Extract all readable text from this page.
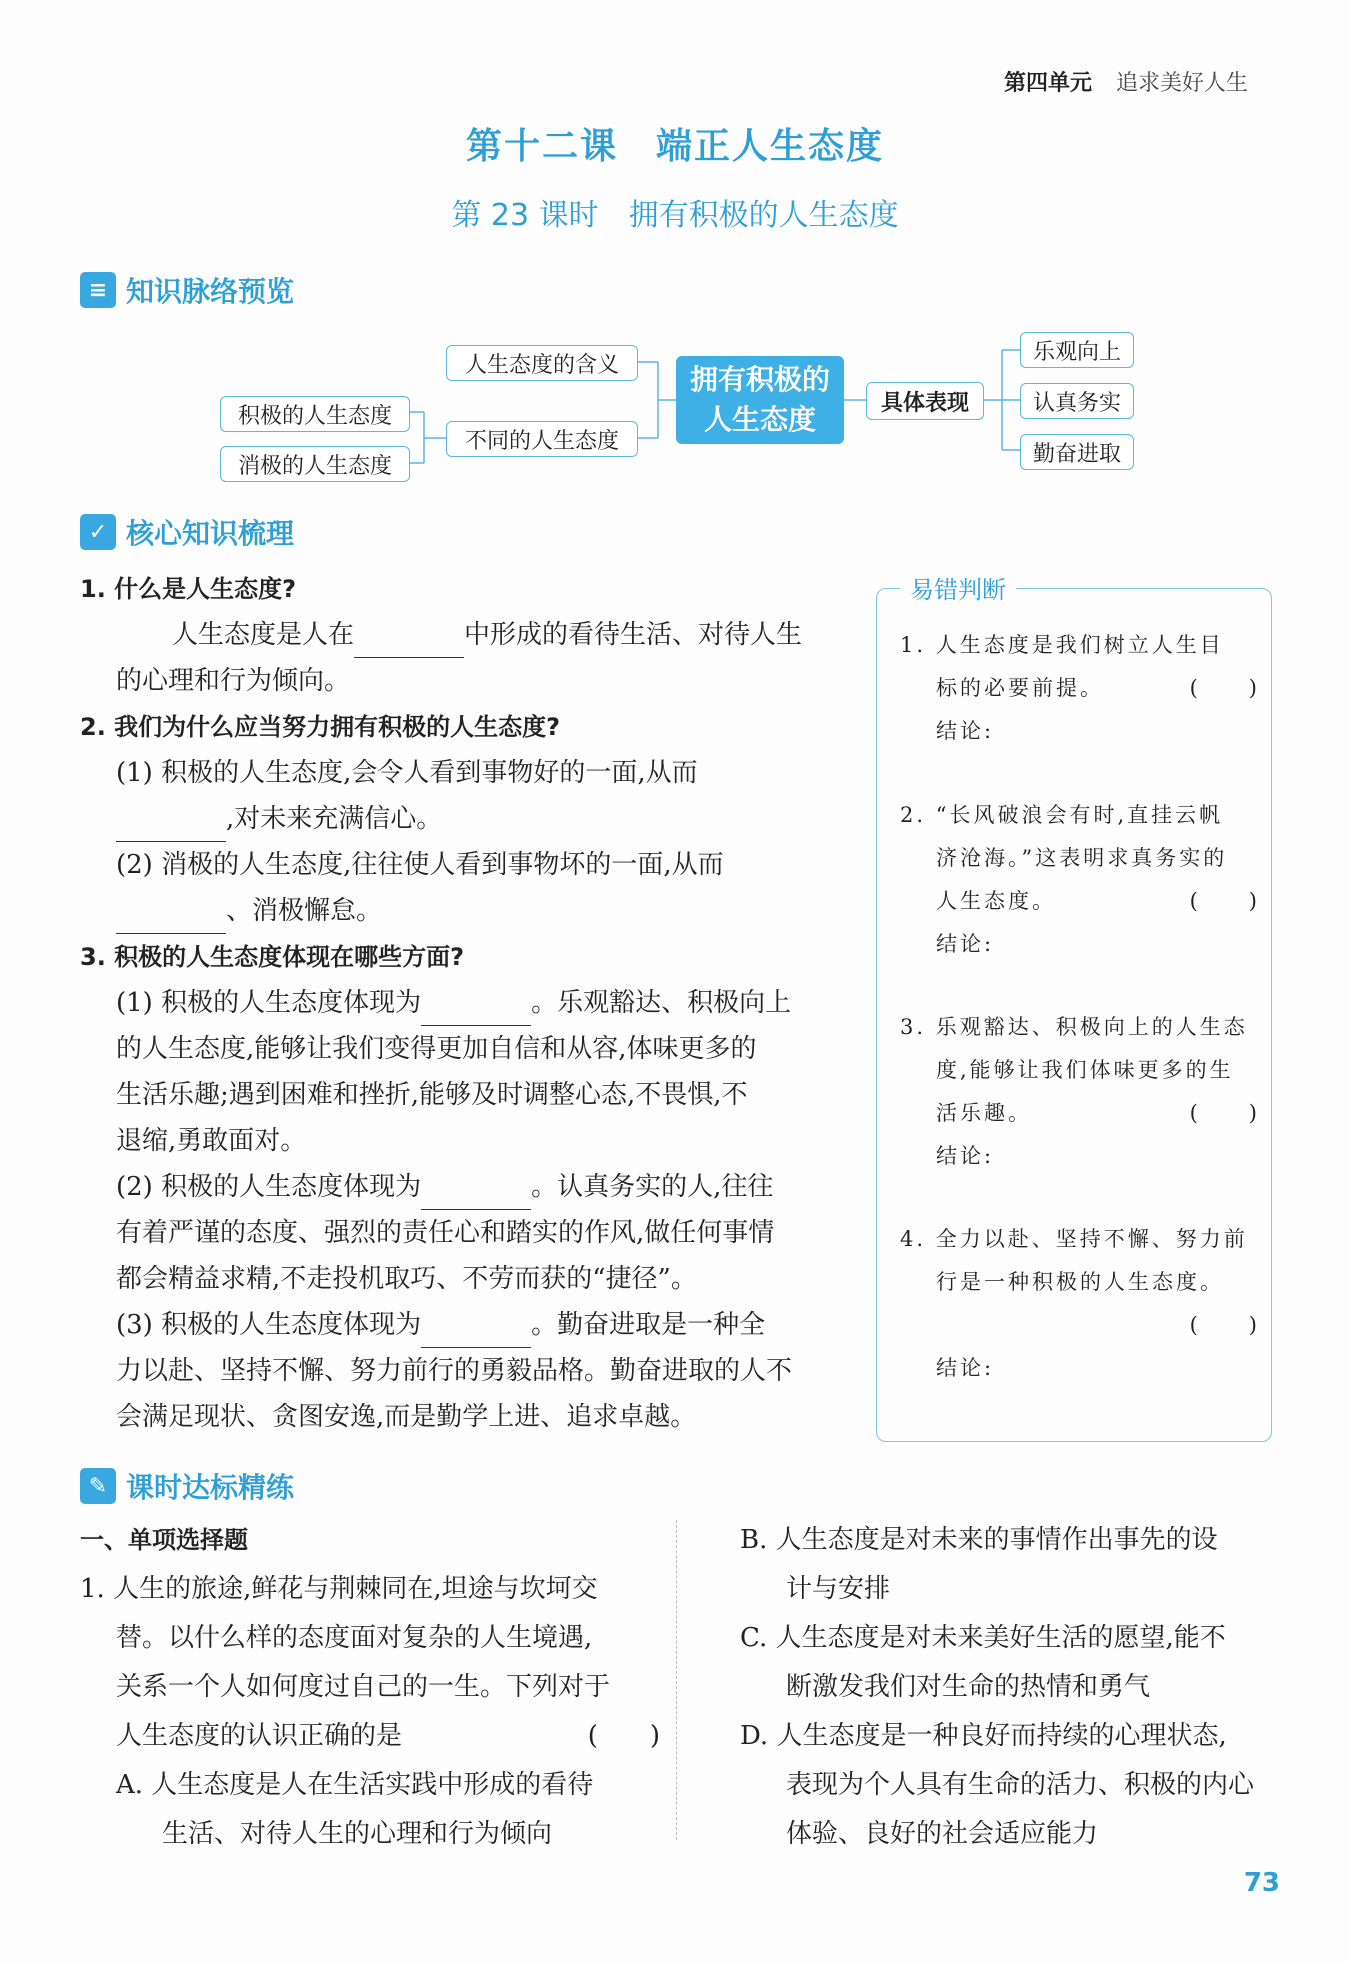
第四单元 追求美好人生
第十二课　端正人生态度
第 23 课时　拥有积极的人生态度
≡ 知识脉络预览
人生态度的含义
不同的人生态度
积极的人生态度
消极的人生态度
拥有积极的
人生态度	具体表现
乐观向上
认真务实
勤奋进取
✓ 核心知识梳理
1. 什么是人生态度?
人生态度是人在	中形成的看待生活、对待人生
的心理和行为倾向。
2. 我们为什么应当努力拥有积极的人生态度?
(1) 积极的人生态度,会令人看到事物好的一面,从而
,对未来充满信心。
(2) 消极的人生态度,往往使人看到事物坏的一面,从而
、消极懈怠。
3. 积极的人生态度体现在哪些方面?
(1) 积极的人生态度体现为	。乐观豁达、积极向上
的人生态度,能够让我们变得更加自信和从容,体味更多的
生活乐趣;遇到困难和挫折,能够及时调整心态,不畏惧,不
退缩,勇敢面对。
(2) 积极的人生态度体现为	。认真务实的人,往往
有着严谨的态度、强烈的责任心和踏实的作风,做任何事情
都会精益求精,不走投机取巧、不劳而获的“捷径”。
(3) 积极的人生态度体现为	。勤奋进取是一种全
力以赴、坚持不懈、努力前行的勇毅品格。勤奋进取的人不
会满足现状、贪图安逸,而是勤学上进、追求卓越。
易错判断
1. 人生态度是我们树立人生目
标的必要前提。	(　　)
结论:
2. “长风破浪会有时,直挂云帆
济沧海。”这表明求真务实的
人生态度。	(　　)
结论:
3. 乐观豁达、积极向上的人生态
度,能够让我们体味更多的生
活乐趣。	(　　)
结论:
4. 全力以赴、坚持不懈、努力前
行是一种积极的人生态度。
(　　)
结论:
✎ 课时达标精练
一、单项选择题
1. 人生的旅途,鲜花与荆棘同在,坦途与坎坷交
替。以什么样的态度面对复杂的人生境遇,
关系一个人如何度过自己的一生。下列对于
人生态度的认识正确的是	(　　)
A. 人生态度是人在生活实践中形成的看待
生活、对待人生的心理和行为倾向
B. 人生态度是对未来的事情作出事先的设
计与安排
C. 人生态度是对未来美好生活的愿望,能不
断激发我们对生命的热情和勇气
D. 人生态度是一种良好而持续的心理状态,
表现为个人具有生命的活力、积极的内心
体验、良好的社会适应能力
73
